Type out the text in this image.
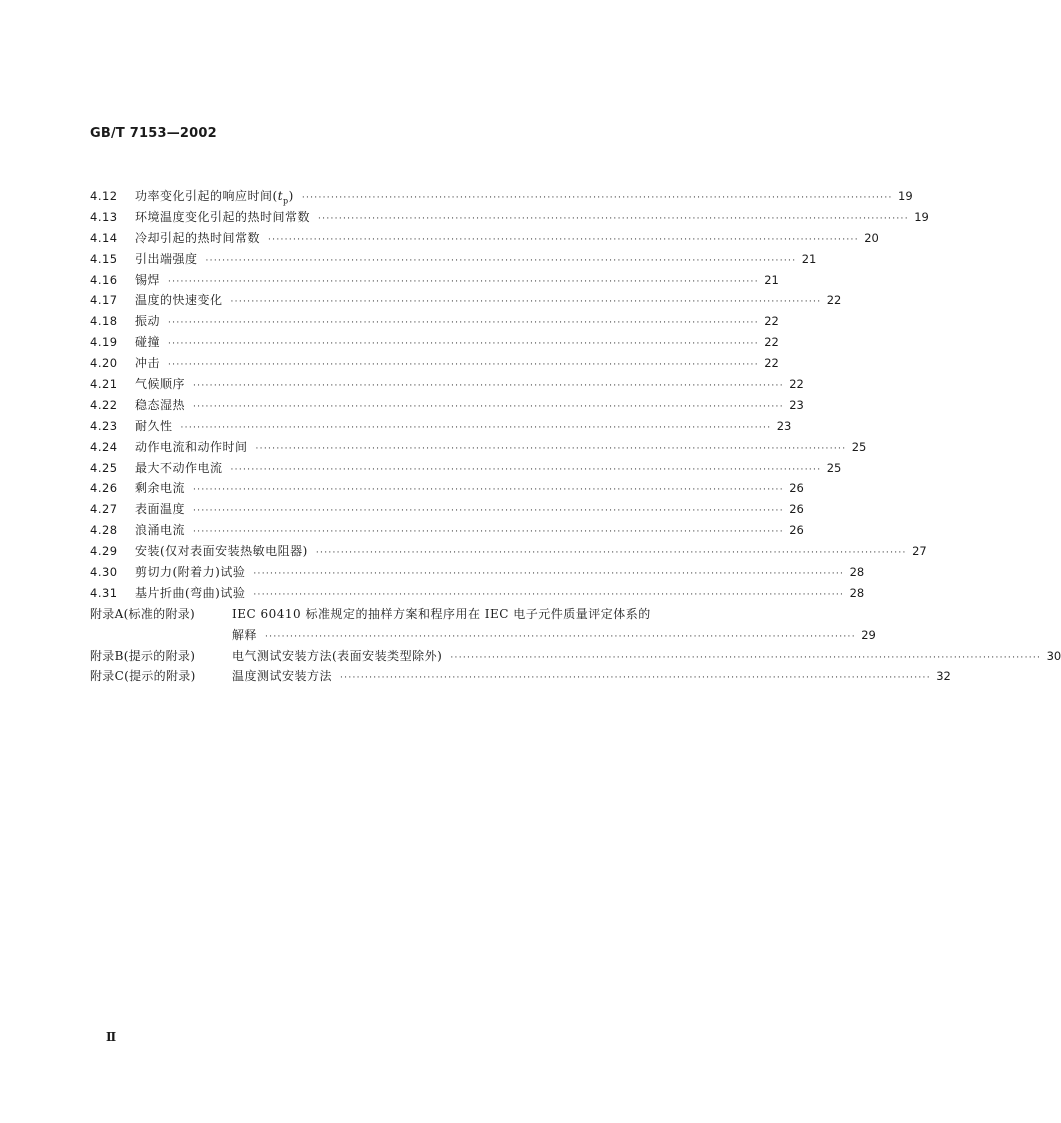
GB/T 7153—2002
4.12	功率变化引起的响应时间$(t_p)$ ·············································································································································· 19
4.13	环境温度变化引起的热时间常数 ·············································································································································· 19
4.14	冷却引起的热时间常数 ·············································································································································· 20
4.15	引出端强度 ·············································································································································· 21
4.16	锡焊 ·············································································································································· 21
4.17	温度的快速变化 ·············································································································································· 22
4.18	振动 ·············································································································································· 22
4.19	碰撞 ·············································································································································· 22
4.20	冲击 ·············································································································································· 22
4.21	气候顺序 ·············································································································································· 22
4.22	稳态湿热 ·············································································································································· 23
4.23	耐久性 ·············································································································································· 23
4.24	动作电流和动作时间 ·············································································································································· 25
4.25	最大不动作电流 ·············································································································································· 25
4.26	剩余电流 ·············································································································································· 26
4.27	表面温度 ·············································································································································· 26
4.28	浪涌电流 ·············································································································································· 26
4.29	安装(仅对表面安装热敏电阻器) ·············································································································································· 27
4.30	剪切力(附着力)试验 ·············································································································································· 28
4.31	基片折曲(弯曲)试验 ·············································································································································· 28
附录A(标准的附录)	IEC 60410 标准规定的抽样方案和程序用在 IEC 电子元件质量评定体系的
解释 ·············································································································································· 29
附录B(提示的附录)	电气测试安装方法(表面安装类型除外) ·············································································································································· 30
附录C(提示的附录)	温度测试安装方法 ·············································································································································· 32
Ⅱ
